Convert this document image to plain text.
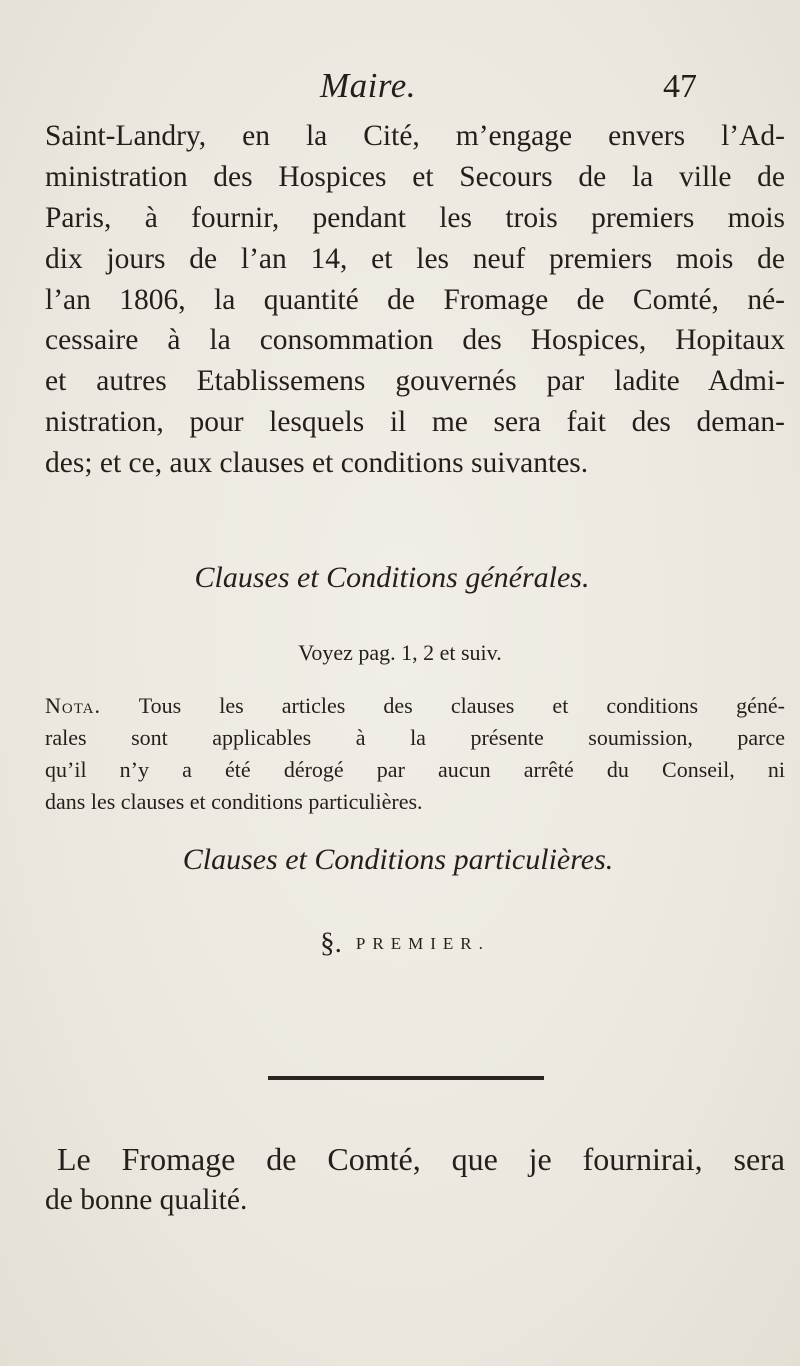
Maire.	47
Saint-Landry, en la Cité, m’engage envers l’Ad-
ministration des Hospices et Secours de la ville de
Paris, à fournir, pendant les trois premiers mois
dix jours de l’an 14, et les neuf premiers mois de
l’an 1806, la quantité de Fromage de Comté, né-
cessaire à la consommation des Hospices, Hopitaux
et autres Etablissemens gouvernés par ladite Admi-
nistration, pour lesquels il me sera fait des deman-
des; et ce, aux clauses et conditions suivantes.
Clauses et Conditions générales.
Voyez pag. 1, 2 et suiv.
Nota. Tous les articles des clauses et conditions géné-
rales sont applicables à la présente soumission, parce
qu’il n’y a été dérogé par aucun arrêté du Conseil, ni
dans les clauses et conditions particulières.
Clauses et Conditions particulières.
§. PREMIER.
Le Fromage de Comté, que je fournirai, sera
de bonne qualité.
